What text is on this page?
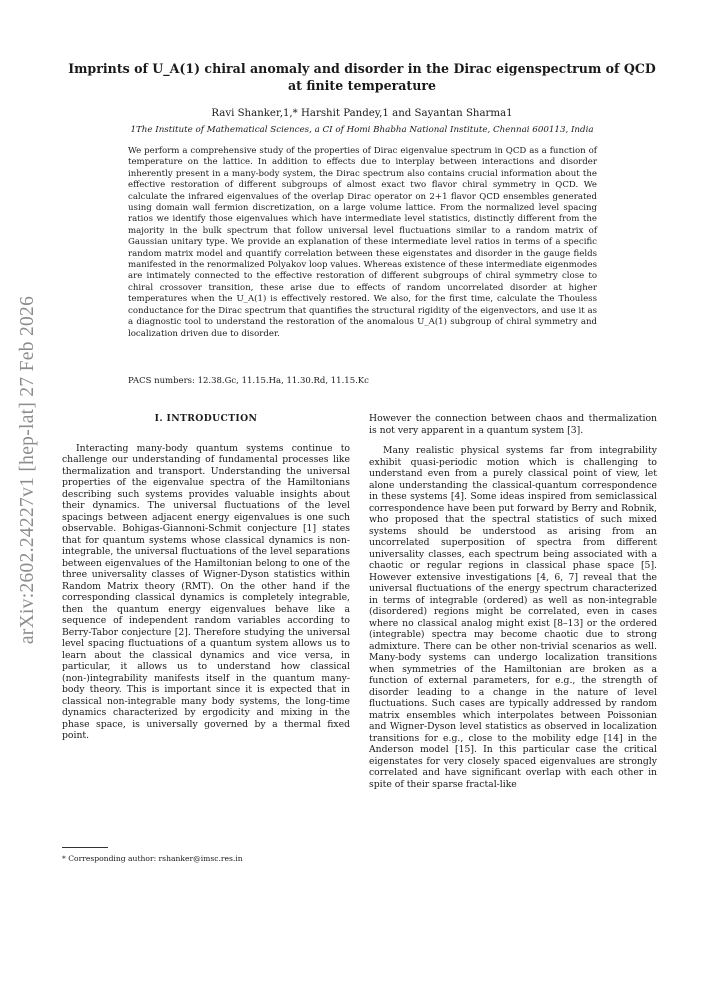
arXiv:2602.24227v1 [hep-lat] 27 Feb 2026
Imprints of U_A(1) chiral anomaly and disorder in the Dirac eigenspectrum of QCD at finite temperature
Ravi Shanker,1,* Harshit Pandey,1 and Sayantan Sharma1
1The Institute of Mathematical Sciences, a CI of Homi Bhabha National Institute, Chennai 600113, India

We perform a comprehensive study of the properties of Dirac eigenvalue spectrum in QCD as a function of temperature on the lattice. In addition to effects due to interplay between interactions and disorder inherently present in a many-body system, the Dirac spectrum also contains crucial information about the effective restoration of different subgroups of almost exact two flavor chiral symmetry in QCD. We calculate the infrared eigenvalues of the overlap Dirac operator on 2+1 flavor QCD ensembles generated using domain wall fermion discretization, on a large volume lattice. From the normalized level spacing ratios we identify those eigenvalues which have intermediate level statistics, distinctly different from the majority in the bulk spectrum that follow universal level fluctuations similar to a random matrix of Gaussian unitary type. We provide an explanation of these intermediate level ratios in terms of a specific random matrix model and quantify correlation between these eigenstates and disorder in the gauge fields manifested in the renormalized Polyakov loop values. Whereas existence of these intermediate eigenmodes are intimately connected to the effective restoration of different subgroups of chiral symmetry close to chiral crossover transition, these arise due to effects of random uncorrelated disorder at higher temperatures when the U_A(1) is effectively restored. We also, for the first time, calculate the Thouless conductance for the Dirac spectrum that quantifies the structural rigidity of the eigenvectors, and use it as a diagnostic tool to understand the restoration of the anomalous U_A(1) subgroup of chiral symmetry and localization driven due to disorder.

PACS numbers: 12.38.Gc, 11.15.Ha, 11.30.Rd, 11.15.Kc
I. INTRODUCTION

Interacting many-body quantum systems continue to challenge our understanding of fundamental processes like thermalization and transport. Understanding the universal properties of the eigenvalue spectra of the Hamiltonians describing such systems provides valuable insights about their dynamics. The universal fluctuations of the level spacings between adjacent energy eigenvalues is one such observable. Bohigas-Giannoni-Schmit conjecture [1] states that for quantum systems whose classical dynamics is non-integrable, the universal fluctuations of the level separations between eigenvalues of the Hamiltonian belong to one of the three universality classes of Wigner-Dyson statistics within Random Matrix theory (RMT). On the other hand if the corresponding classical dynamics is completely integrable, then the quantum energy eigenvalues behave like a sequence of independent random variables according to Berry-Tabor conjecture [2]. Therefore studying the universal level spacing fluctuations of a quantum system allows us to learn about the classical dynamics and vice versa, in particular, it allows us to understand how classical (non-)integrability manifests itself in the quantum many-body theory. This is important since it is expected that in classical non-integrable many body systems, the long-time dynamics characterized by ergodicity and mixing in the phase space, is universally governed by a thermal fixed point.

However the connection between chaos and thermalization is not very apparent in a quantum system [3].

Many realistic physical systems far from integrability exhibit quasi-periodic motion which is challenging to understand even from a purely classical point of view, let alone understanding the classical-quantum correspondence in these systems [4]. Some ideas inspired from semiclassical correspondence have been put forward by Berry and Robnik, who proposed that the spectral statistics of such mixed systems should be understood as arising from an uncorrelated superposition of spectra from different universality classes, each spectrum being associated with a chaotic or regular regions in classical phase space [5]. However extensive investigations [4, 6, 7] reveal that the universal fluctuations of the energy spectrum characterized in terms of integrable (ordered) as well as non-integrable (disordered) regions might be correlated, even in cases where no classical analog might exist [8–13] or the ordered (integrable) spectra may become chaotic due to strong admixture. There can be other non-trivial scenarios as well. Many-body systems can undergo localization transitions when symmetries of the Hamiltonian are broken as a function of external parameters, for e.g., the strength of disorder leading to a change in the nature of level fluctuations. Such cases are typically addressed by random matrix ensembles which interpolates between Poissonian and Wigner-Dyson level statistics as observed in localization transitions for e.g., close to the mobility edge [14] in the Anderson model [15]. In this particular case the critical eigenstates for very closely spaced eigenvalues are strongly correlated and have significant overlap with each other in spite of their sparse fractal-like

* Corresponding author: rshanker@imsc.res.in
